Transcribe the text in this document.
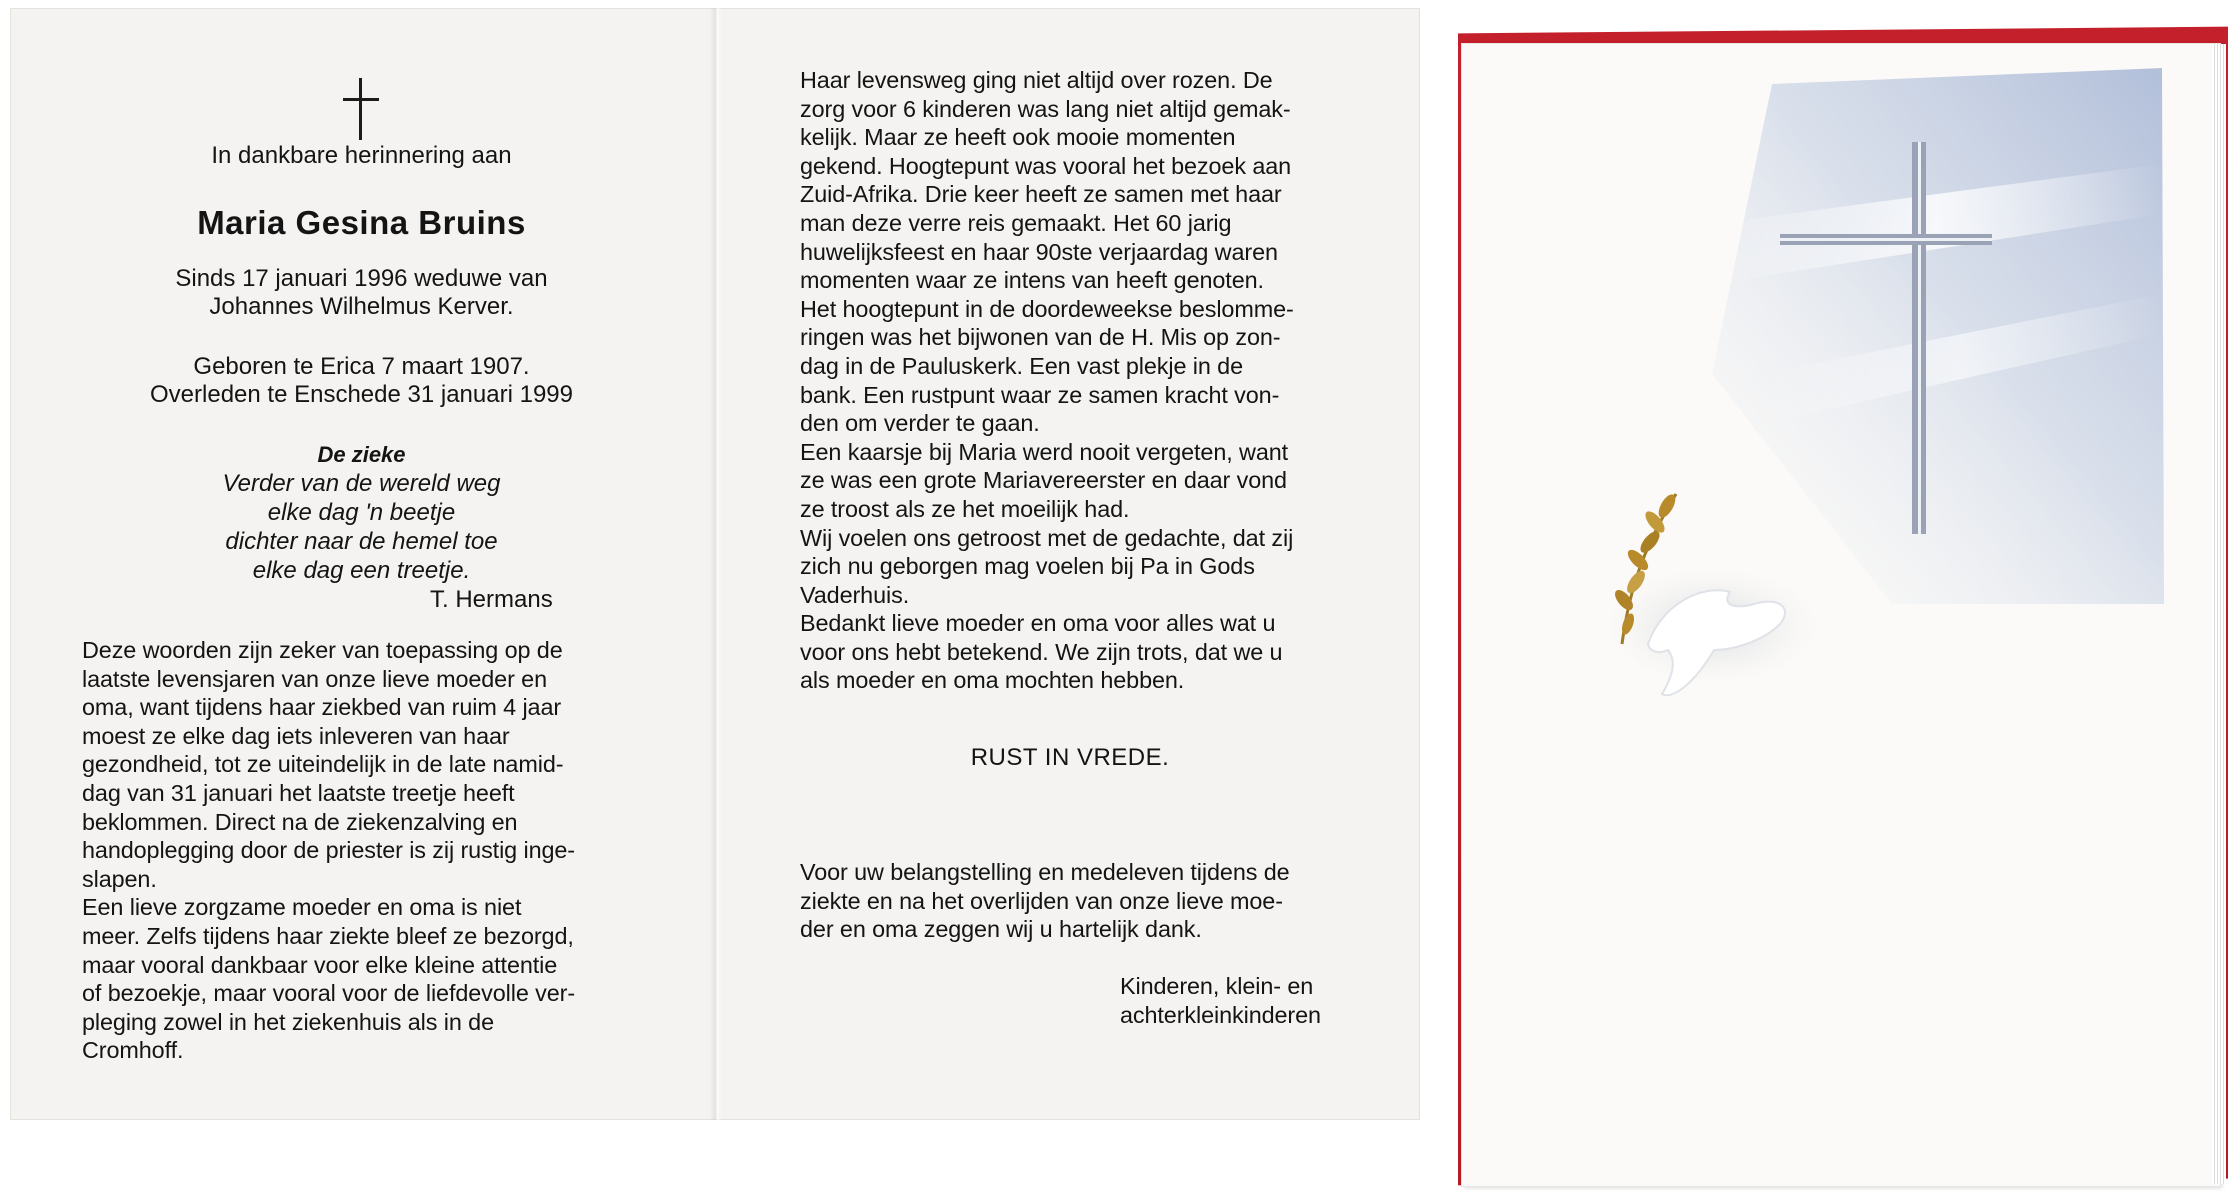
In dankbare herinnering aan
Maria Gesina Bruins
Sinds 17 januari 1996 weduwe van
Johannes Wilhelmus Kerver.
Geboren te Erica 7 maart 1907.
Overleden te Enschede 31 januari 1999
De zieke
Verder van de wereld weg
elke dag 'n beetje
dichter naar de hemel toe
elke dag een treetje.
T. Hermans
Deze woorden zijn zeker van toepassing op de
laatste levensjaren van onze lieve moeder en
oma, want tijdens haar ziekbed van ruim 4 jaar
moest ze elke dag iets inleveren van haar
gezondheid, tot ze uiteindelijk in de late namid-
dag van 31 januari het laatste treetje heeft
beklommen. Direct na de ziekenzalving en
handoplegging door de priester is zij rustig inge-
slapen.
Een lieve zorgzame moeder en oma is niet
meer. Zelfs tijdens haar ziekte bleef ze bezorgd,
maar vooral dankbaar voor elke kleine attentie
of bezoekje, maar vooral voor de liefdevolle ver-
pleging zowel in het ziekenhuis als in de
Cromhoff.
Haar levensweg ging niet altijd over rozen. De
zorg voor 6 kinderen was lang niet altijd gemak-
kelijk. Maar ze heeft ook mooie momenten
gekend. Hoogtepunt was vooral het bezoek aan
Zuid-Afrika. Drie keer heeft ze samen met haar
man deze verre reis gemaakt. Het 60 jarig
huwelijksfeest en haar 90ste verjaardag waren
momenten waar ze intens van heeft genoten.
Het hoogtepunt in de doordeweekse beslomme-
ringen was het bijwonen van de H. Mis op zon-
dag in de Pauluskerk. Een vast plekje in de
bank. Een rustpunt waar ze samen kracht von-
den om verder te gaan.
Een kaarsje bij Maria werd nooit vergeten, want
ze was een grote Mariavereerster en daar vond
ze troost als ze het moeilijk had.
Wij voelen ons getroost met de gedachte, dat zij
zich nu geborgen mag voelen bij Pa in Gods
Vaderhuis.
Bedankt lieve moeder en oma voor alles wat u
voor ons hebt betekend. We zijn trots, dat we u
als moeder en oma mochten hebben.
RUST IN VREDE.
Voor uw belangstelling en medeleven tijdens de
ziekte en na het overlijden van onze lieve moe-
der en oma zeggen wij u hartelijk dank.
Kinderen, klein- en
achterkleinkinderen
